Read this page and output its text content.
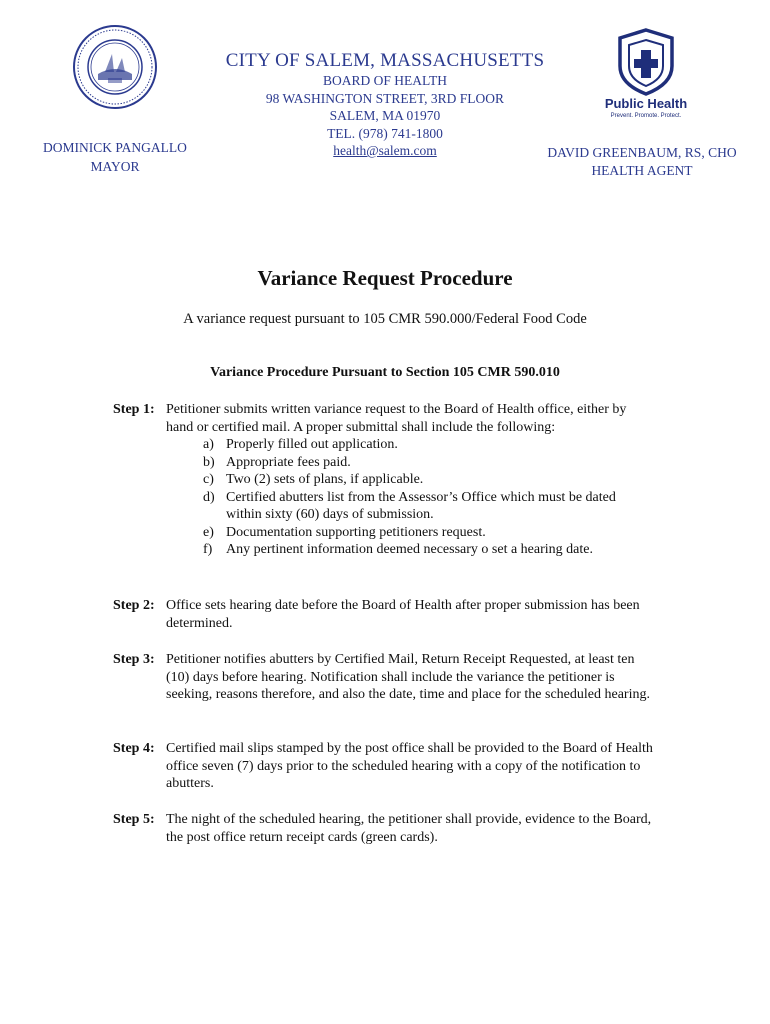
CITY OF SALEM, MASSACHUSETTS
BOARD OF HEALTH
98 WASHINGTON STREET, 3RD FLOOR
SALEM, MA 01970
TEL. (978) 741-1800
health@salem.com
DOMINICK PANGALLO
MAYOR
Public Health
Prevent. Promote. Protect.
DAVID GREENBAUM, RS, CHO
HEALTH AGENT
Variance Request Procedure
A variance request pursuant to 105 CMR 590.000/Federal Food Code
Variance Procedure Pursuant to Section 105 CMR 590.010
Step 1: Petitioner submits written variance request to the Board of Health office, either by hand or certified mail. A proper submittal shall include the following:
a) Properly filled out application.
b) Appropriate fees paid.
c) Two (2) sets of plans, if applicable.
d) Certified abutters list from the Assessor’s Office which must be dated within sixty (60) days of submission.
e) Documentation supporting petitioners request.
f) Any pertinent information deemed necessary o set a hearing date.
Step 2: Office sets hearing date before the Board of Health after proper submission has been determined.
Step 3: Petitioner notifies abutters by Certified Mail, Return Receipt Requested, at least ten (10) days before hearing. Notification shall include the variance the petitioner is seeking, reasons therefore, and also the date, time and place for the scheduled hearing.
Step 4: Certified mail slips stamped by the post office shall be provided to the Board of Health office seven (7) days prior to the scheduled hearing with a copy of the notification to abutters.
Step 5: The night of the scheduled hearing, the petitioner shall provide, evidence to the Board, the post office return receipt cards (green cards).
